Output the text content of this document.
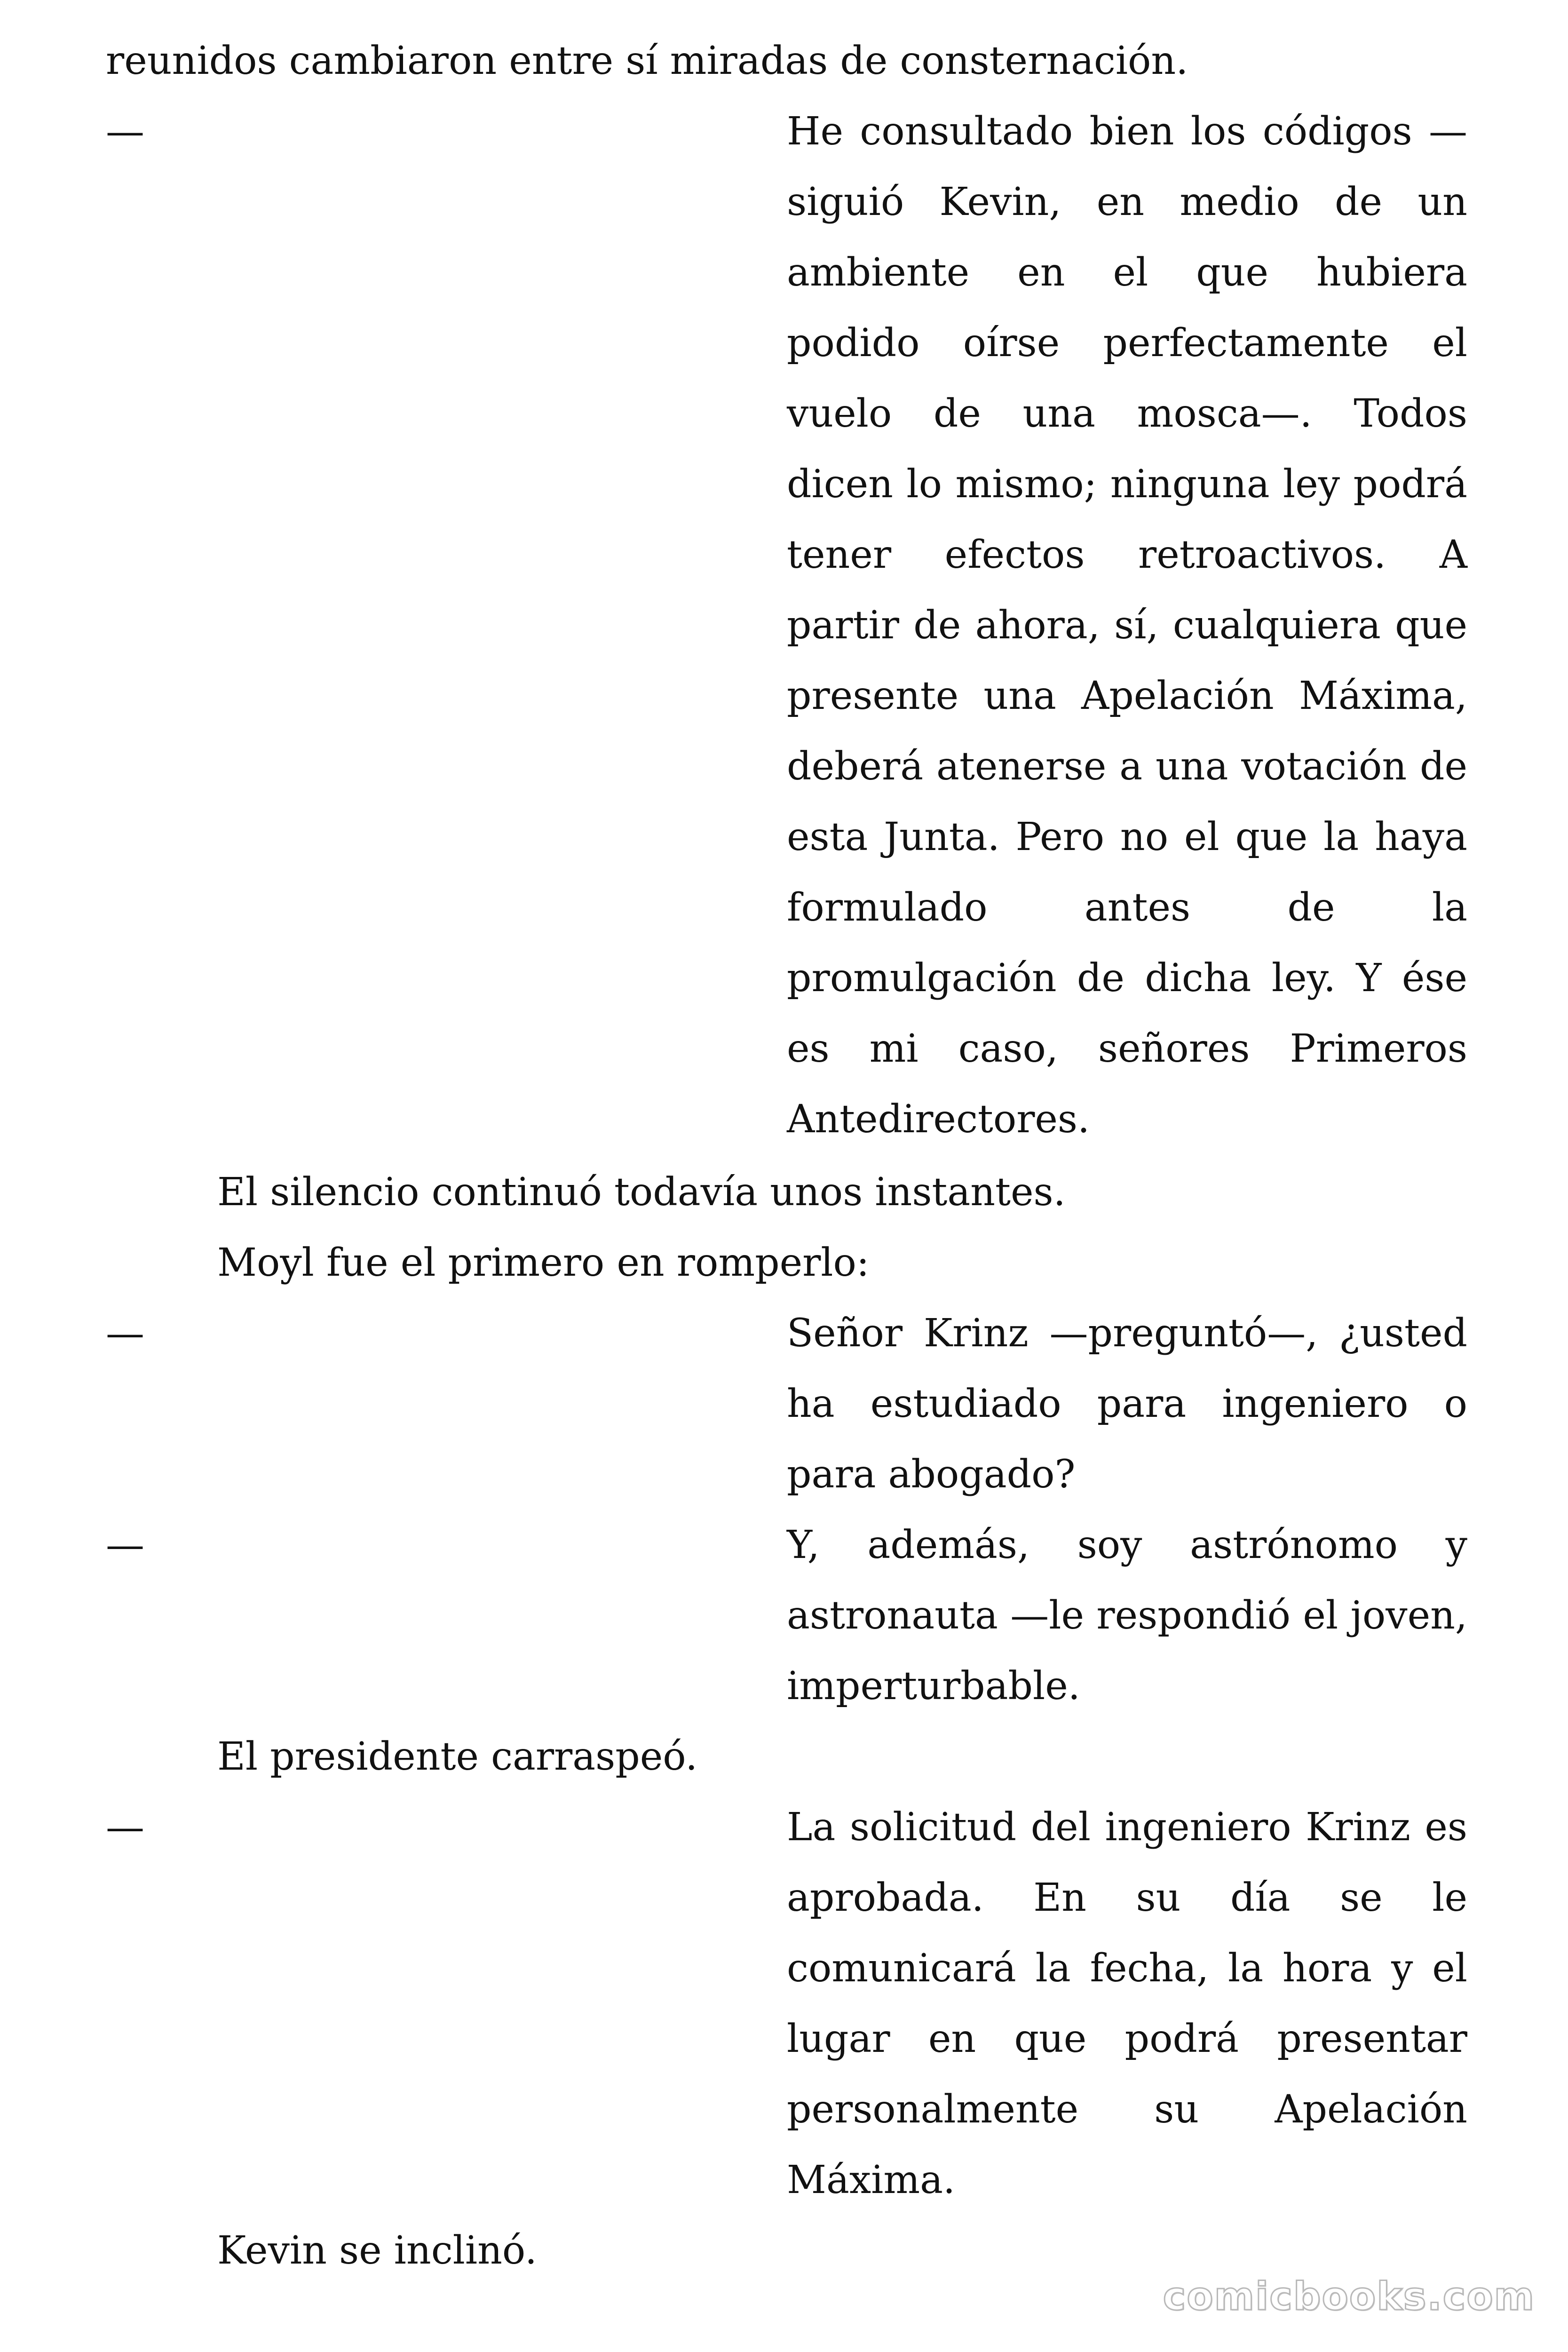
reunidos cambiaron entre sí miradas de consternación.
—	He consultado bien los códigos —siguió Kevin, en medio de un ambiente en el que hubiera podido oírse perfectamente el vuelo de una mosca—. Todos dicen lo mismo; ninguna ley podrá tener efectos retroactivos. A partir de ahora, sí, cualquiera que presente una Apelación Máxima, deberá atenerse a una votación de esta Junta. Pero no el que la haya formulado antes de la promulgación de dicha ley. Y ése es mi caso, señores Primeros Antedirectores.
El silencio continuó todavía unos instantes.
Moyl fue el primero en romperlo:
—	Señor Krinz —preguntó—, ¿usted ha estudiado para ingeniero o para abogado?
—	Y, además, soy astrónomo y astronauta —le respondió el joven, imperturbable.
El presidente carraspeó.
—	La solicitud del ingeniero Krinz es aprobada. En su día se le comunicará la fecha, la hora y el lugar en que podrá presentar personalmente su Apelación Máxima.
Kevin se inclinó.
comicbooks.com
